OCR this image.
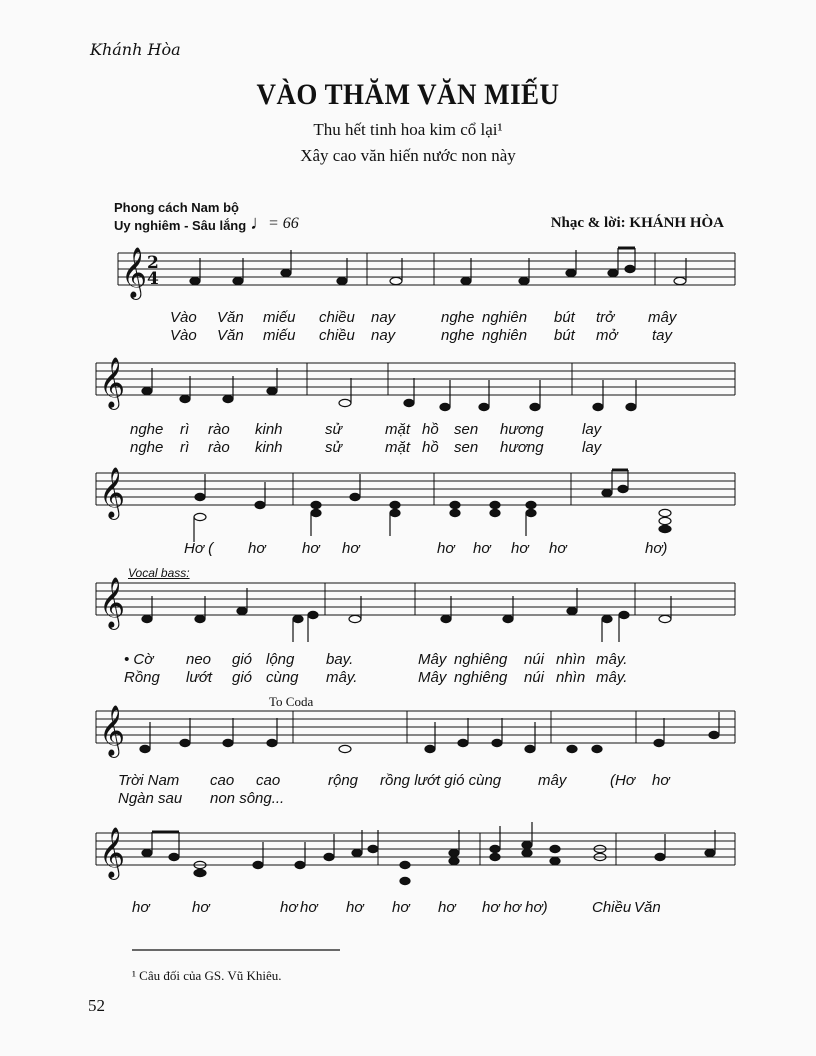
Khánh Hòa
VÀO THĂM VĂN MIẾU
Thu hết tinh hoa kim cổ lại¹
Xây cao văn hiến nước non này
Phong cách Nam bộ
Uy nghiêm - Sâu lắng ♩
= 66	Nhạc & lời: KHÁNH HÒA
𝄞 2
4
𝄞
𝄞
𝄞
𝄞
𝄞
Vào Văn miếu chiều nay	nghe nghiên bút trở mây
Vào Văn miếu chiều nay	nghe nghiên bút mở tay
nghe rì rào kinh	sử	mặt hồ sen hương	lay
nghe rì rào kinh	sử	mặt hồ sen hương	lay
Hơ ( hơ hơ hơ	hơ hơ hơ hơ	hơ)
Vocal bass:
• Cờ neo gió lộng bay.	Mây nghiêng núi nhìn mây.
Rồng lướt gió cùng mây.	Mây nghiêng núi nhìn mây.
To Coda
Trời Nam cao cao	rộng rồng lướt gió cùng mây	(Hơ hơ
Ngàn sau non sông...
hơ	hơ	hơ hơ hơ hơ hơ hơ hơ hơ)	Chiều Văn
¹ Câu đối của GS. Vũ Khiêu.
52
